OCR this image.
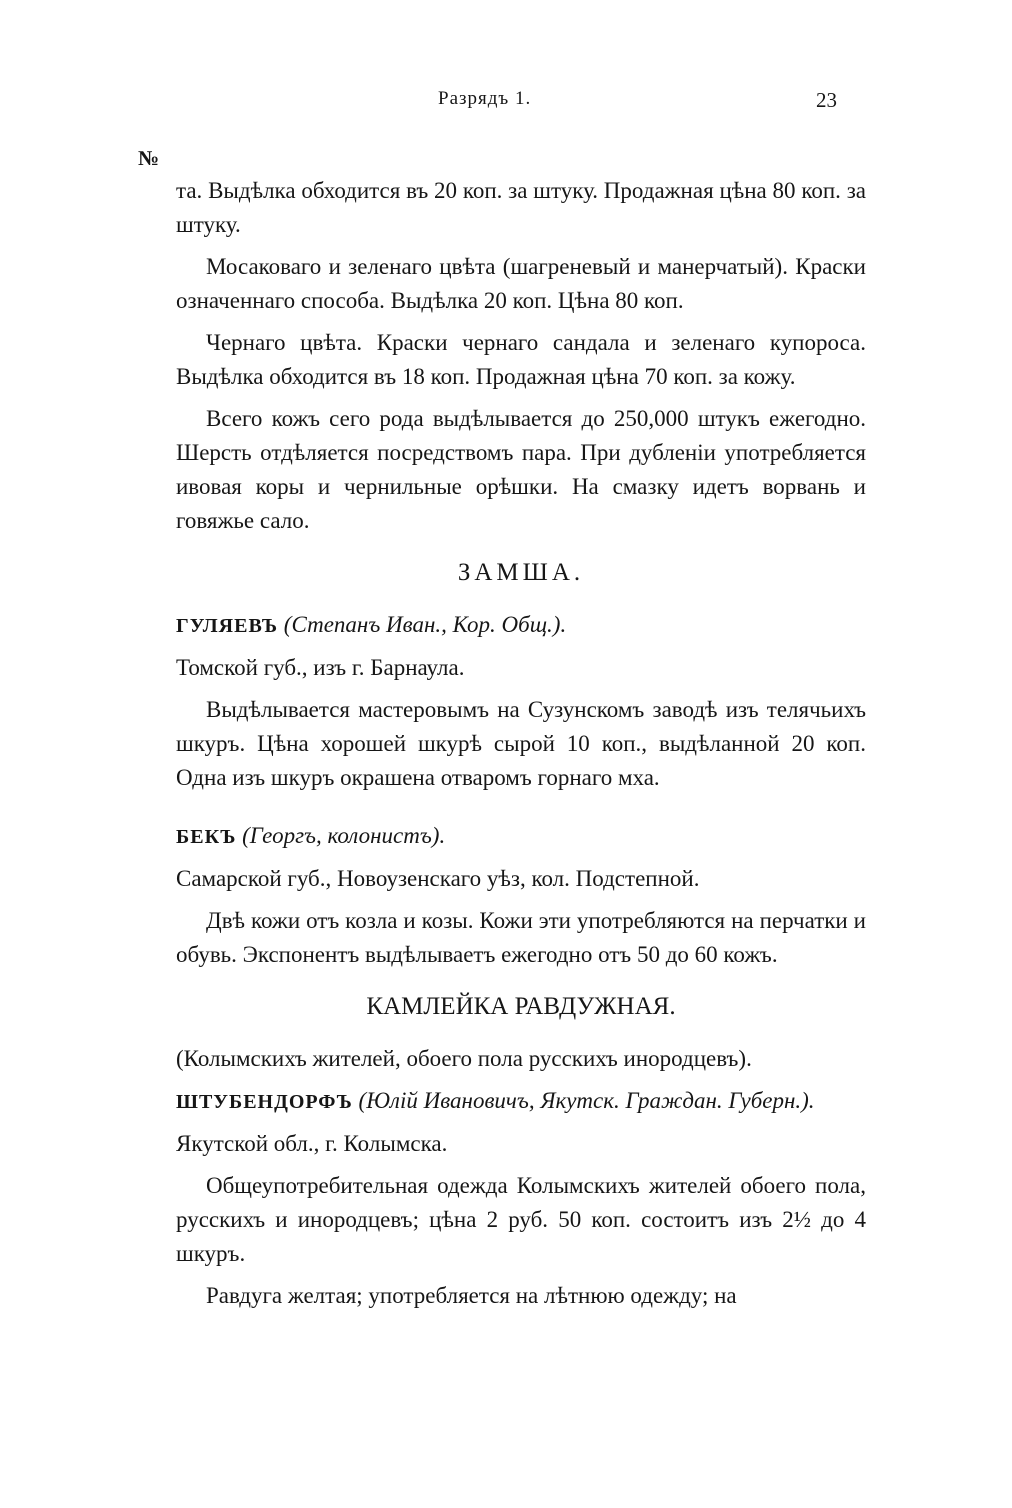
Разрядъ 1.	23
№

та. Выдѣлка обходится въ 20 коп. за штуку. Продажная цѣна 80 коп. за штуку.

Мосаковаго и зеленаго цвѣта (шагреневый и манерчатый). Краски означеннаго способа. Выдѣлка 20 коп. Цѣна 80 коп.

Чернаго цвѣта. Краски чернаго сандала и зеленаго купороса. Выдѣлка обходится въ 18 коп. Продажная цѣна 70 коп. за кожу.

Всего кожъ сего рода выдѣлывается до 250,000 штукъ ежегодно. Шерсть отдѣляется посредствомъ пара. При дубленіи употребляется ивовая коры и чернильные орѣшки. На смазку идетъ ворвань и говяжье сало.

ЗАМША.

ГУЛЯЕВЪ (Степанъ Иван., Кор. Общ.).

Томской губ., изъ г. Барнаула.

Выдѣлывается мастеровымъ на Сузунскомъ заводѣ изъ телячьихъ шкуръ. Цѣна хорошей шкурѣ сырой 10 коп., выдѣланной 20 коп. Одна изъ шкуръ окрашена отваромъ горнаго мха.

БЕКЪ (Георгъ, колонистъ).

Самарской губ., Новоузенскаго уѣз, кол. Подстепной.

Двѣ кожи отъ козла и козы. Кожи эти употребляются на перчатки и обувь. Экспонентъ выдѣлываетъ ежегодно отъ 50 до 60 кожъ.

КАМЛЕЙКА РАВДУЖНАЯ.

(Колымскихъ жителей, обоего пола русскихъ инородцевъ).

ШТУБЕНДОРФЪ (Юлій Ивановичъ, Якутск. Граждан. Губерн.).

Якутской обл., г. Колымска.

Общеупотребительная одежда Колымскихъ жителей обоего пола, русскихъ и инородцевъ; цѣна 2 руб. 50 коп. состоитъ изъ 2½ до 4 шкуръ.

Равдуга желтая; употребляется на лѣтнюю одежду; на
